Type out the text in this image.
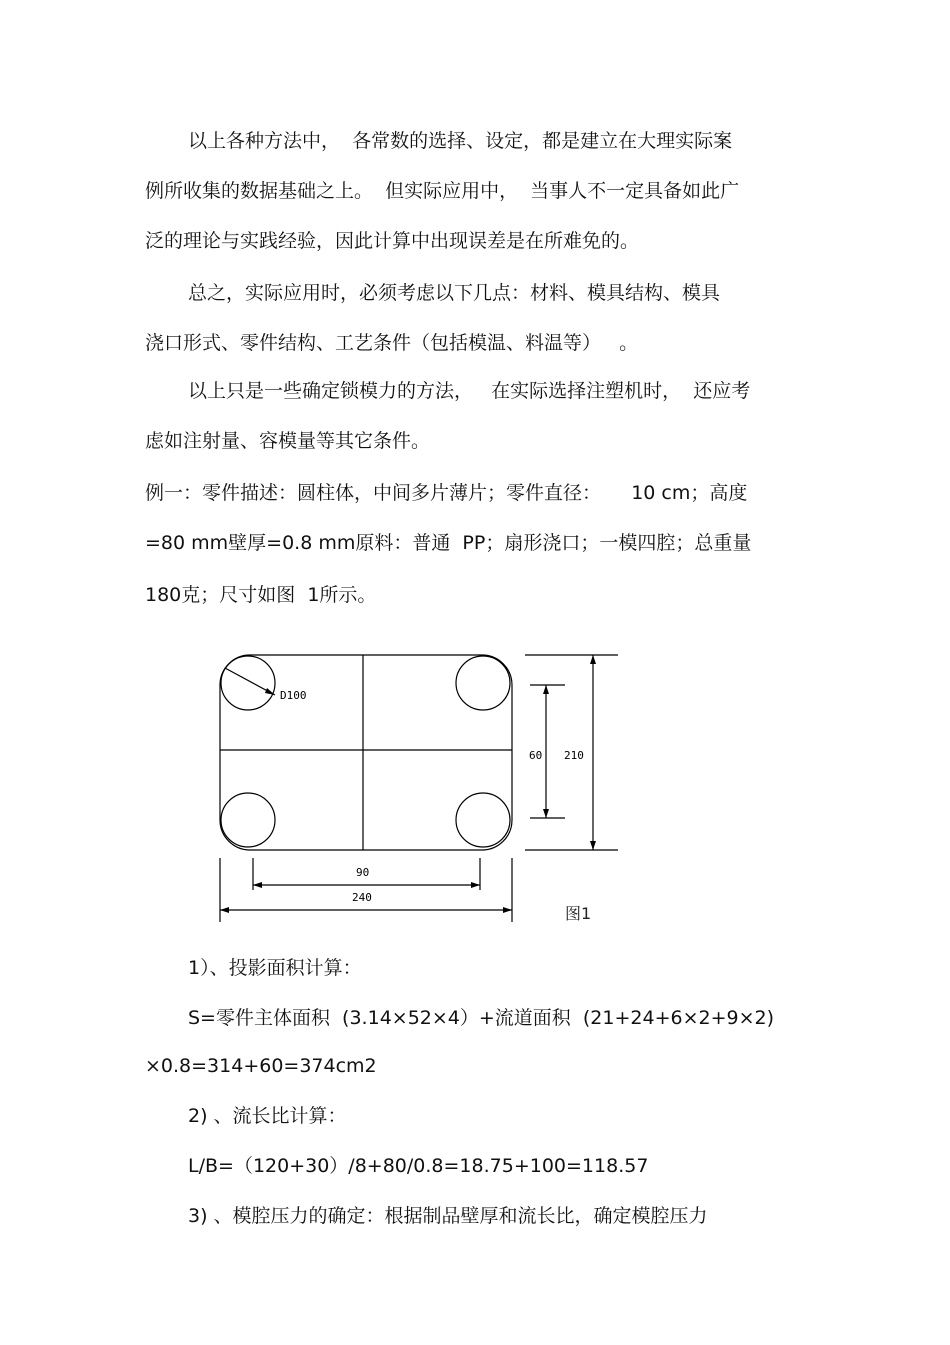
以上各种方法中，  各常数的选择、设定，都是建立在大理实际案
例所收集的数据基础之上。  但实际应用中，  当事人不一定具备如此广
泛的理论与实践经验，因此计算中出现误差是在所难免的。
总之，实际应用时，必须考虑以下几点：材料、模具结构、模具
浇口形式、零件结构、工艺条件（包括模温、料温等）   。
以上只是一些确定锁模力的方法，   在实际选择注塑机时，  还应考
虑如注射量、容模量等其它条件。
例一：零件描述：圆柱体，中间多片薄片；零件直径：     10 cm；高度
=80 mm壁厚=0.8 mm原料：普通  PP；扇形浇口；一模四腔；总重量
180克；尺寸如图  1所示。
D100
60 210
90
240
图1
1）、投影面积计算：
S=零件主体面积  (3.14×52×4）+流道面积  (21+24+6×2+9×2)
×0.8=314+60=374cm2
2) 、流长比计算：
L/B=（120+30）/8+80/0.8=18.75+100=118.57
3) 、模腔压力的确定：根据制品壁厚和流长比，确定模腔压力
